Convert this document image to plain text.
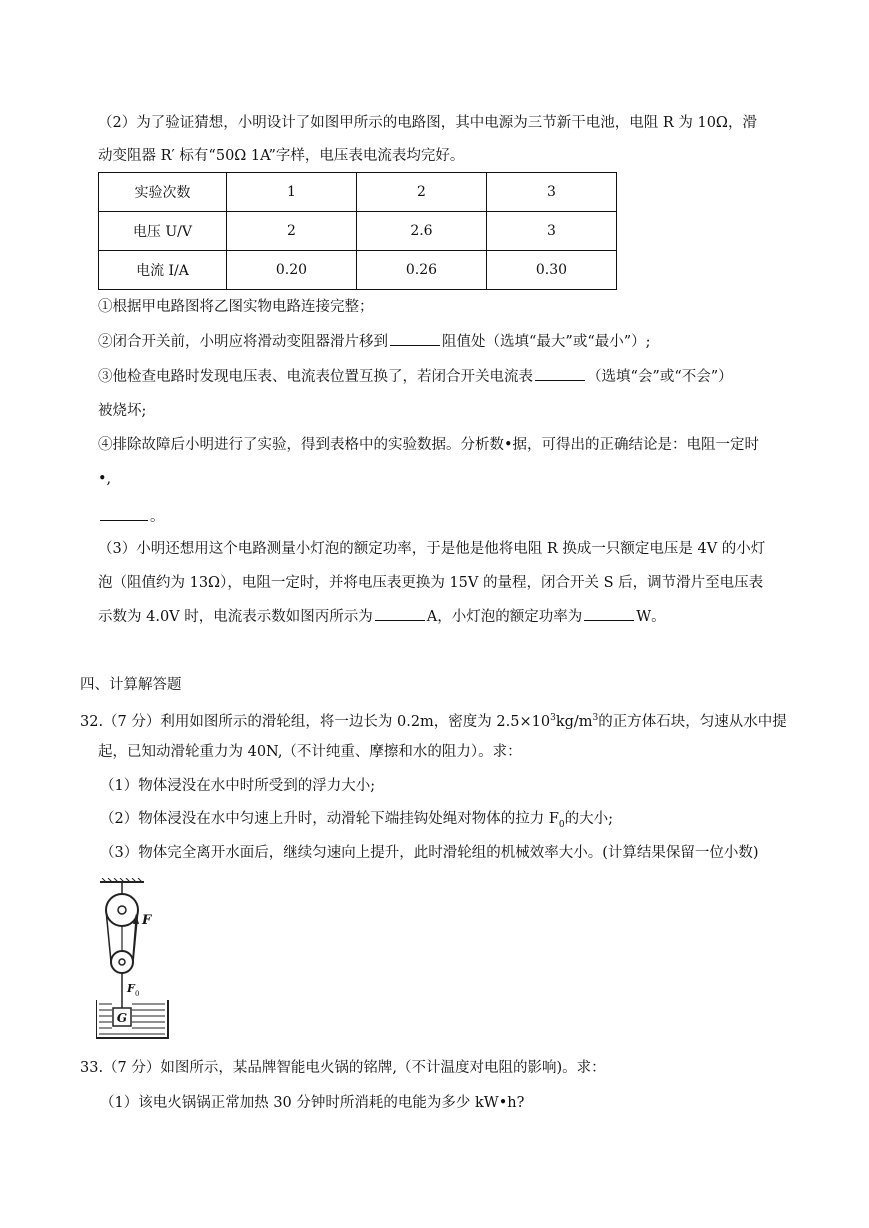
（2）为了验证猜想，小明设计了如图甲所示的电路图，其中电源为三节新干电池，电阻 R 为 10Ω，滑
动变阻器 R′ 标有“50Ω 1A”字样，电压表电流表均完好。
实验次数	1	2	3
电压 U/V	2	2.6	3
电流 I/A	0.20	0.26	0.30
①根据甲电路图将乙图实物电路连接完整；
②闭合开关前，小明应将滑动变阻器滑片移到	阻值处（选填“最大”或“最小”）;
③他检查电路时发现电压表、电流表位置互换了，若闭合开关电流表	（选填“会”或“不会”）
被烧坏;
④排除故障后小明进行了实验，得到表格中的实验数据。分析数•据，可得出的正确结论是：电阻一定时
•,
。
（3）小明还想用这个电路测量小灯泡的额定功率，于是他是他将电阻 R 换成一只额定电压是 4V 的小灯
泡（阻值约为 13Ω），电阻一定时，并将电压表更换为 15V 的量程，闭合开关 S 后，调节滑片至电压表
示数为 4.0V 时，电流表示数如图丙所示为	A，小灯泡的额定功率为	W。
四、计算解答题
32.（7 分）利用如图所示的滑轮组，将一边长为 0.2m，密度为 $2.5\times 10^3kg/m^3$的正方体石块，匀速从水中提
起，已知动滑轮重力为 40N,（不计纯重、摩擦和水的阻力）。求：
（1）物体浸没在水中时所受到的浮力大小;
（2）物体浸没在水中匀速上升时，动滑轮下端挂钩处绳对物体的拉力 $F_0$的大小;
（3）物体完全离开水面后，继续匀速向上提升，此时滑轮组的机械效率大小。(计算结果保留一位小数)
F
F 0
G
33.（7 分）如图所示，某品牌智能电火锅的铭牌,（不计温度对电阻的影响)。求：
（1）该电火锅锅正常加热 30 分钟时所消耗的电能为多少 kW•h?
